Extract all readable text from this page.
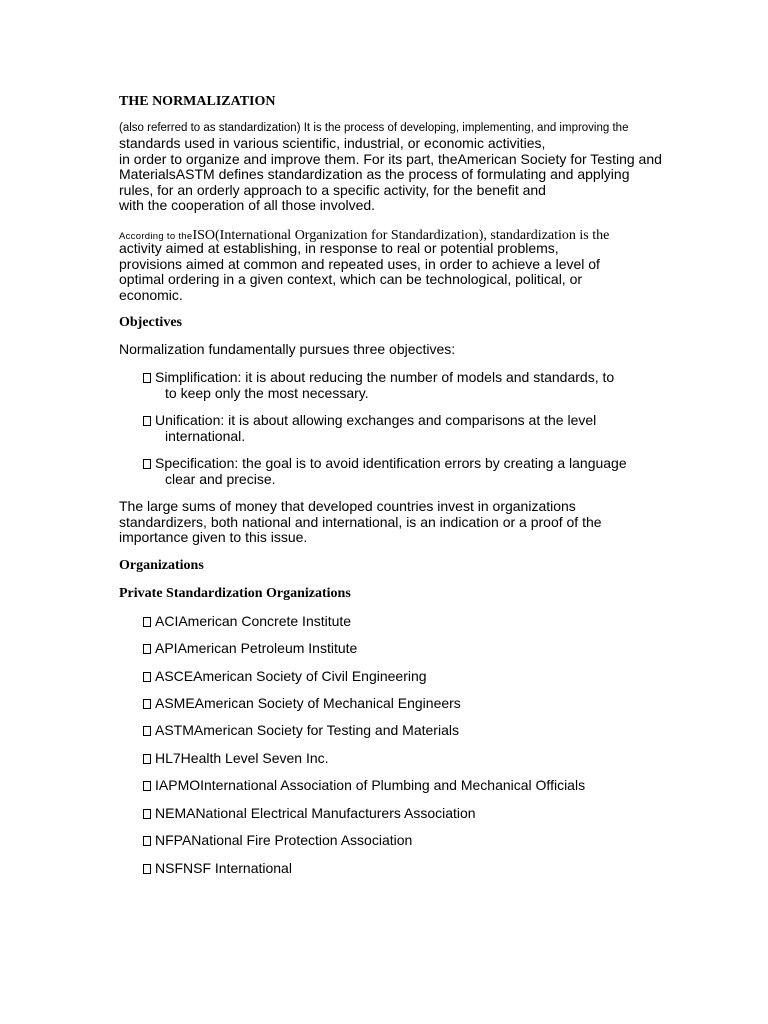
THE NORMALIZATION
(also referred to as standardization) It is the process of developing, implementing, and improving the
standards used in various scientific, industrial, or economic activities,
in order to organize and improve them. For its part, theAmerican Society for Testing and
MaterialsASTM defines standardization as the process of formulating and applying
rules, for an orderly approach to a specific activity, for the benefit and
with the cooperation of all those involved.
According to theISO(International Organization for Standardization), standardization is the
activity aimed at establishing, in response to real or potential problems,
provisions aimed at common and repeated uses, in order to achieve a level of
optimal ordering in a given context, which can be technological, political, or
economic.
Objectives
Normalization fundamentally pursues three objectives:
Simplification: it is about reducing the number of models and standards, to
to keep only the most necessary.
Unification: it is about allowing exchanges and comparisons at the level
international.
Specification: the goal is to avoid identification errors by creating a language
clear and precise.
The large sums of money that developed countries invest in organizations
standardizers, both national and international, is an indication or a proof of the
importance given to this issue.
Organizations
Private Standardization Organizations
ACIAmerican Concrete Institute
APIAmerican Petroleum Institute
ASCEAmerican Society of Civil Engineering
ASMEAmerican Society of Mechanical Engineers
ASTMAmerican Society for Testing and Materials
HL7Health Level Seven Inc.
IAPMOInternational Association of Plumbing and Mechanical Officials
NEMANational Electrical Manufacturers Association
NFPANational Fire Protection Association
NSFNSF International
